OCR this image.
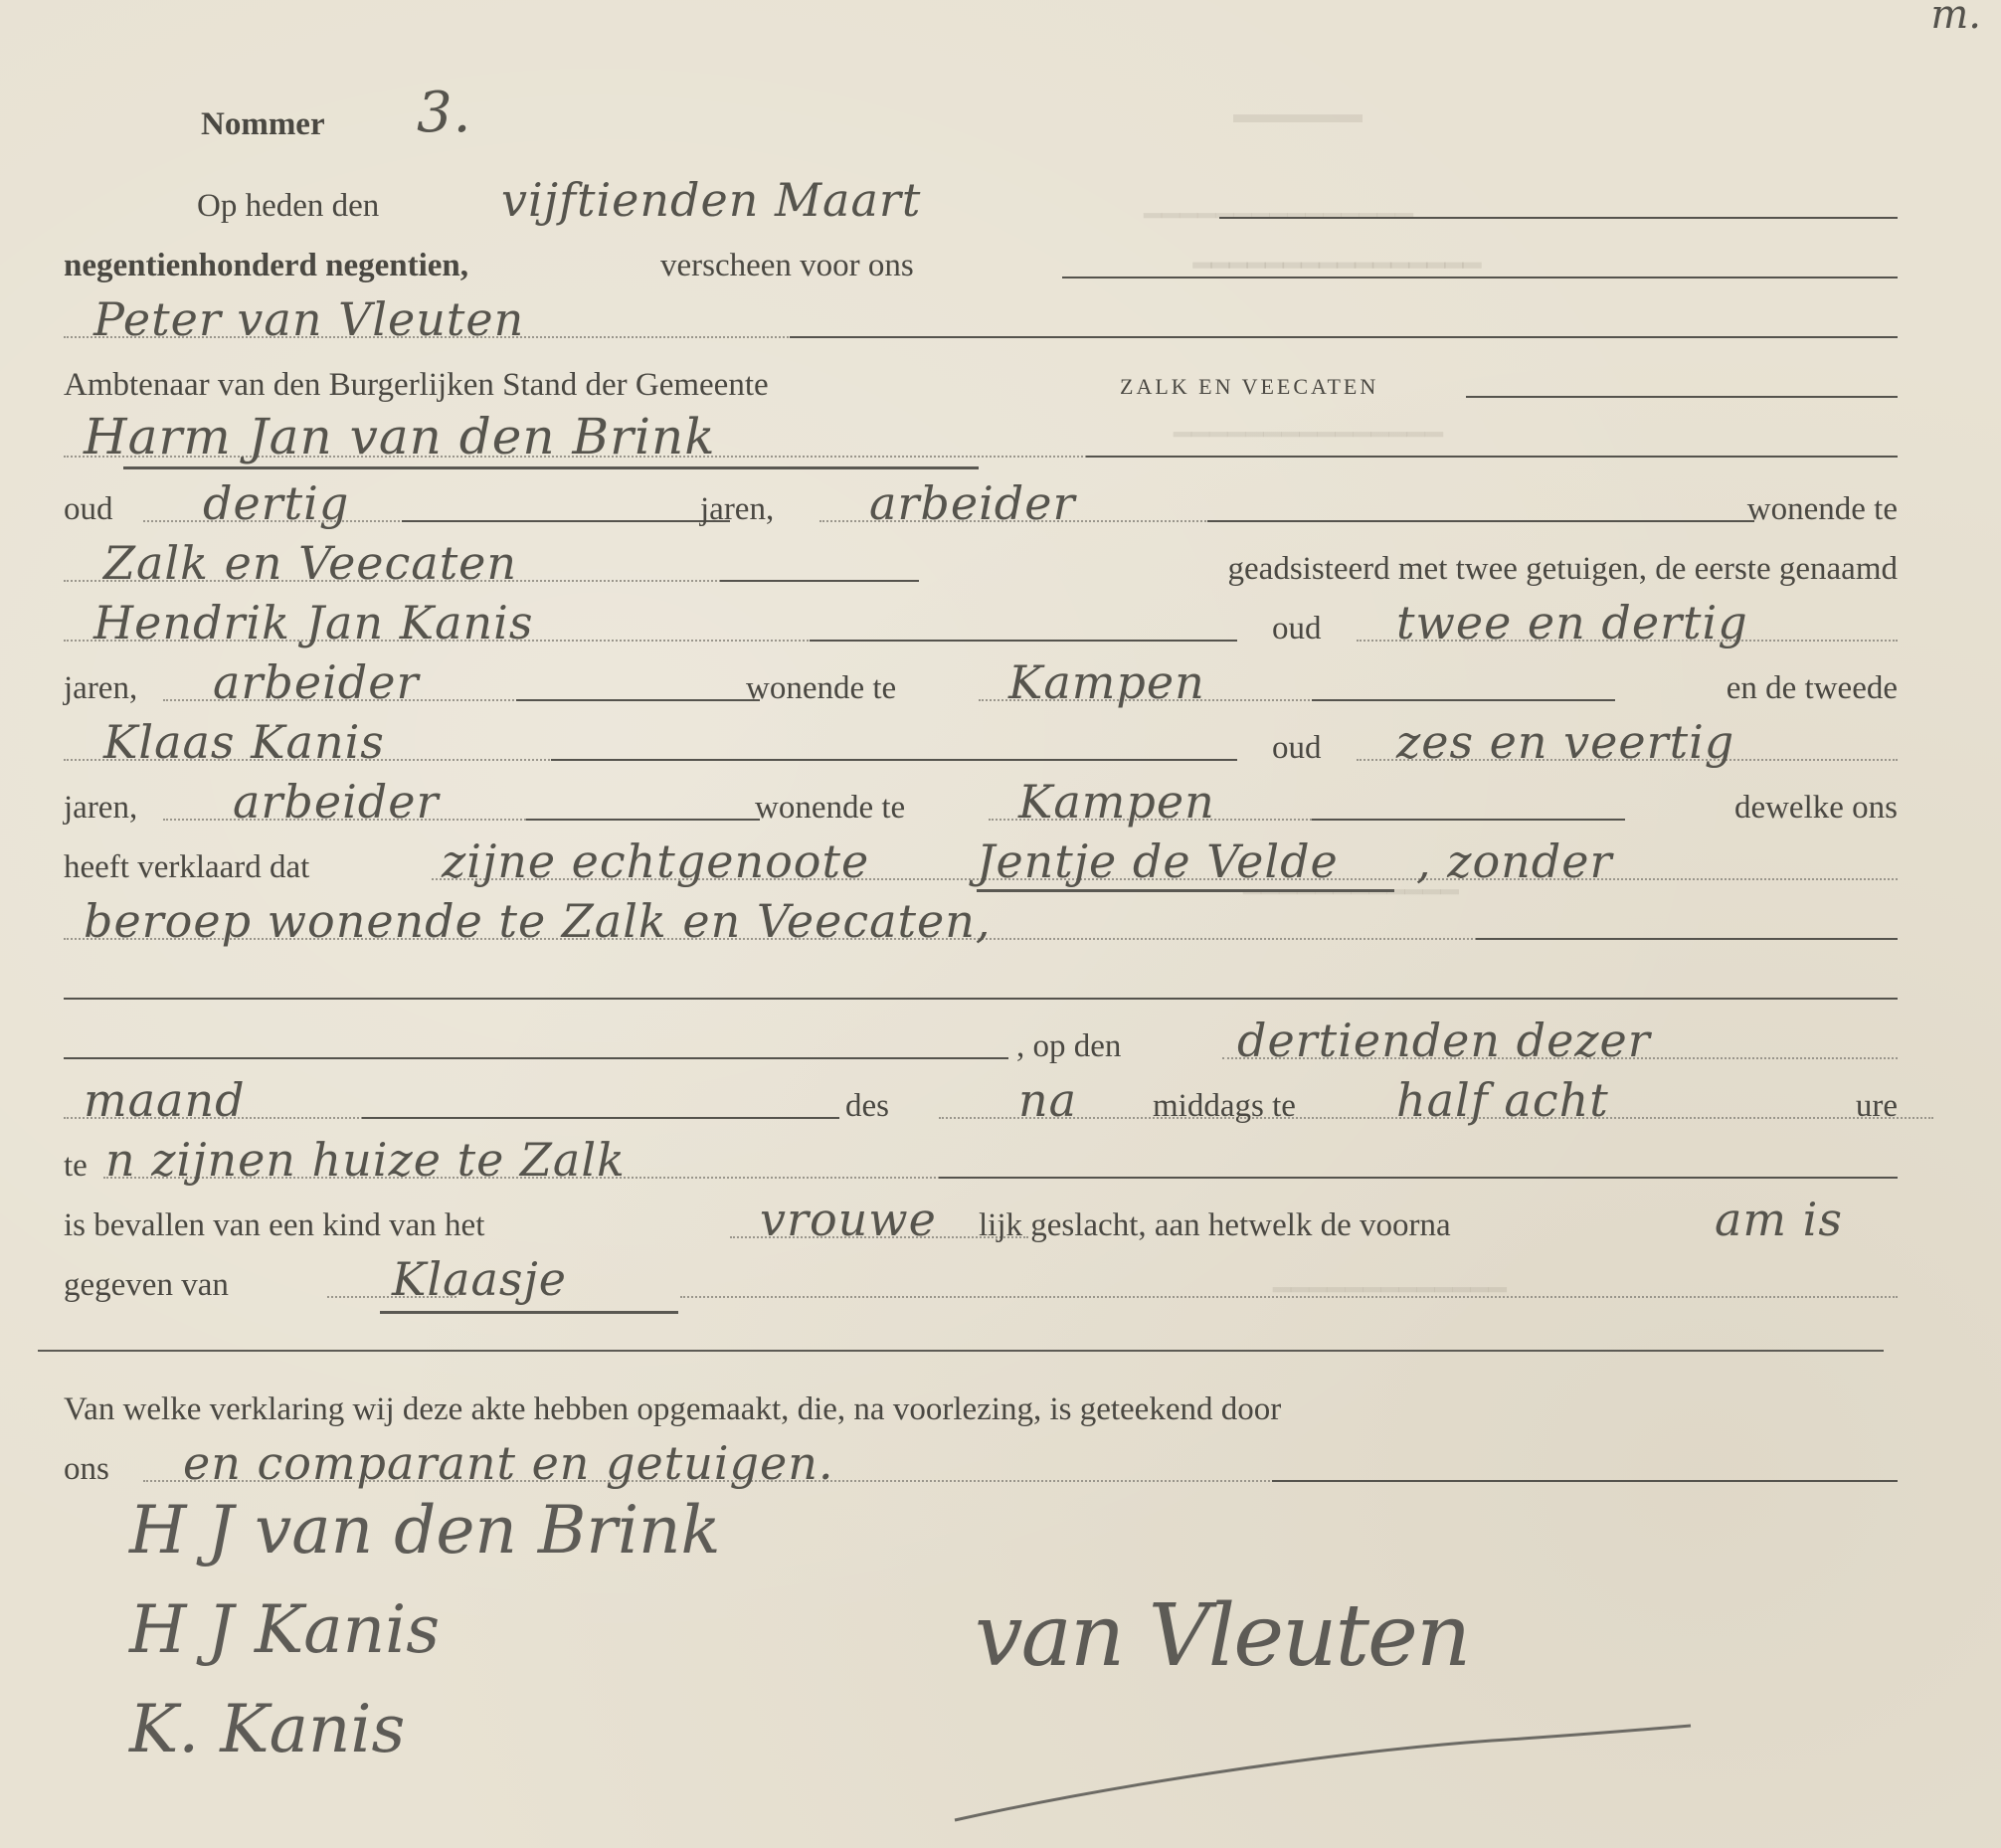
▬▬▬▬▬
━━━━━━━━━━━━━━━
━━━━━━━━━━━━━━━━
━━━━━━━━━━━━━━━
━━━━━━━━━━━━
━━━━━━━━━━━━━
m.
Nommer 3.
Op heden den	vijftienden Maart
negentienhonderd negentien,	verscheen voor ons
Peter van Vleuten
Ambtenaar van den Burgerlijken Stand der Gemeente	ZALK EN VEECATEN
Harm Jan van den Brink
oud dertig	jaren, arbeider	wonende te
Zalk en Veecaten	geadsisteerd met twee getuigen, de eerste genaamd
Hendrik Jan Kanis	oud twee en dertig
jaren, arbeider	wonende te Kampen	en de tweede
Klaas Kanis	oud zes en veertig
jaren, arbeider	wonende te Kampen	dewelke ons
heeft verklaard dat	zijne echtgenoote Jentje de Velde , zonder
beroep wonende te Zalk en Veecaten,
, op den	dertienden dezer
maand	des	na middags te half acht	ure
te n zijnen huize te Zalk
is bevallen van een kind van het	vrouwe lijk geslacht, aan hetwelk de voorna	am is
gegeven van	Klaasje
Van welke verklaring wij deze akte hebben opgemaakt, die, na voorlezing, is geteekend door
ons en comparant en getuigen.
H J van den Brink
H J Kanis
K. Kanis
van Vleuten
